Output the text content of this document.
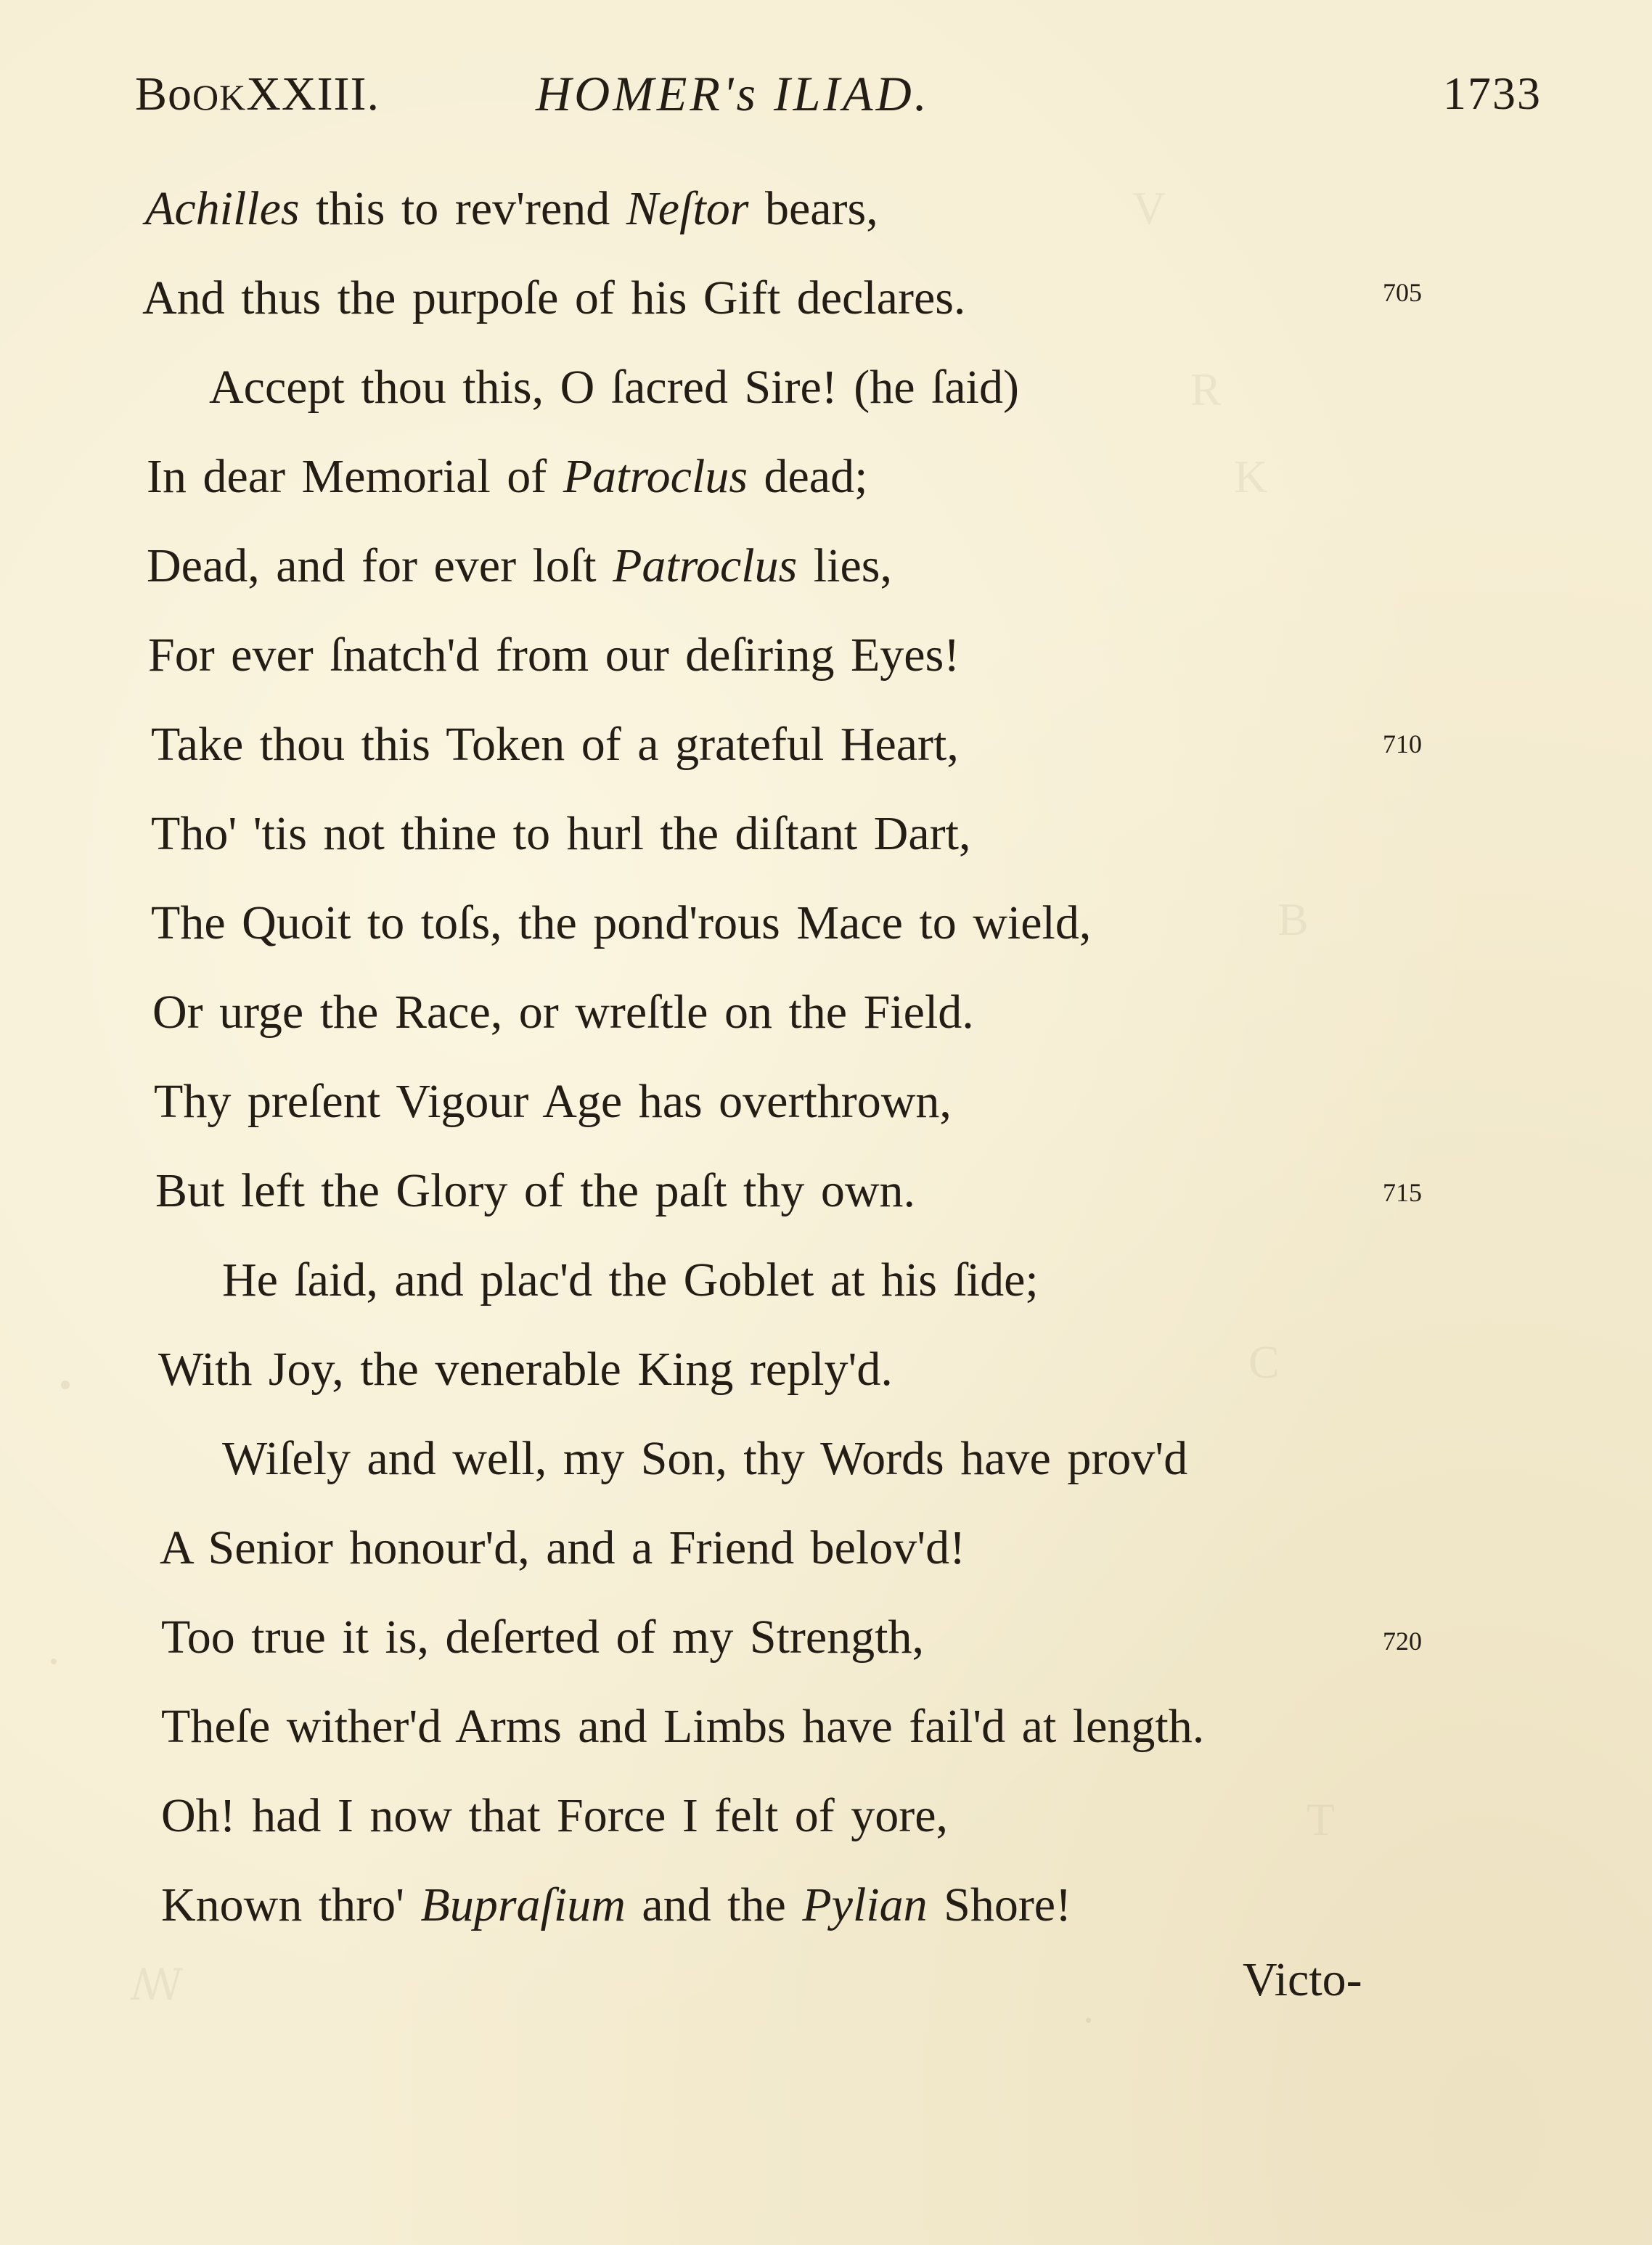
V
R
K
B
C
T
ꟿ
BoOKXXIII.	HOMER's ILIAD.	1733
Achilles this to rev'rend Neſtor bears,
And thus the purpoſe of his Gift declares.
Accept thou this, O ſacred Sire! (he ſaid)
In dear Memorial of Patroclus dead;
Dead, and for ever loſt Patroclus lies,
For ever ſnatch'd from our deſiring Eyes!
Take thou this Token of a grateful Heart,
Tho' 'tis not thine to hurl the diſtant Dart,
The Quoit to toſs, the pond'rous Mace to wield,
Or urge the Race, or wreſtle on the Field.
Thy preſent Vigour Age has overthrown,
But left the Glory of the paſt thy own.
He ſaid, and plac'd the Goblet at his ſide;
With Joy, the venerable King reply'd.
Wiſely and well, my Son, thy Words have prov'd
A Senior honour'd, and a Friend belov'd!
Too true it is, deſerted of my Strength,
Theſe wither'd Arms and Limbs have fail'd at length.
Oh! had I now that Force I felt of yore,
Known thro' Bupraſium and the Pylian Shore!
705
710
715
720
Victo-
